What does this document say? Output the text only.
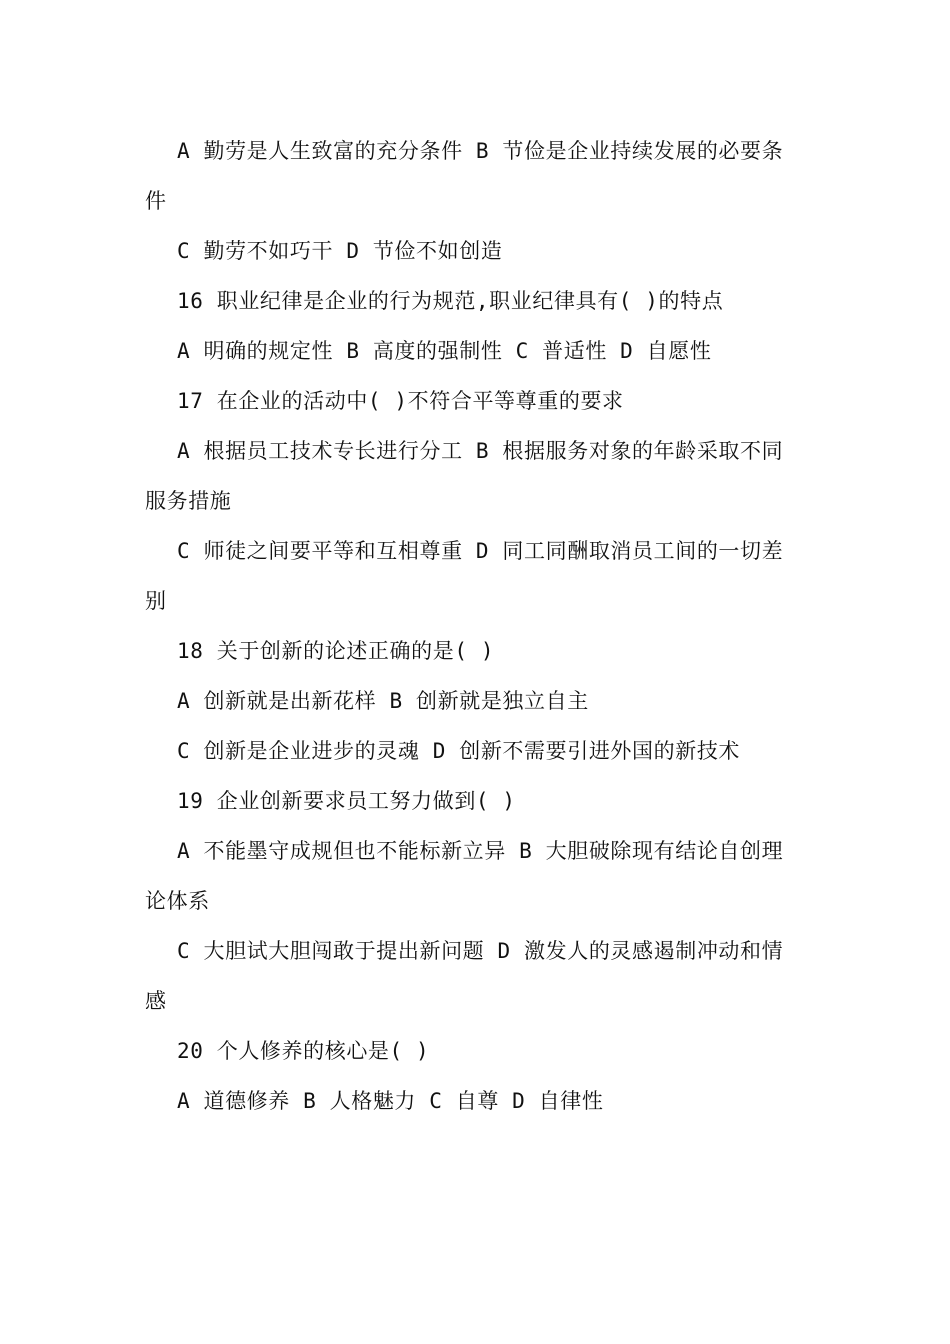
A 勤劳是人生致富的充分条件 B 节俭是企业持续发展的必要条件

C 勤劳不如巧干 D 节俭不如创造

16 职业纪律是企业的行为规范,职业纪律具有( )的特点

A 明确的规定性 B 高度的强制性 C 普适性 D 自愿性

17 在企业的活动中( )不符合平等尊重的要求

A 根据员工技术专长进行分工 B 根据服务对象的年龄采取不同服务措施

C 师徒之间要平等和互相尊重 D 同工同酬取消员工间的一切差别

18 关于创新的论述正确的是( )

A 创新就是出新花样 B 创新就是独立自主

C 创新是企业进步的灵魂 D 创新不需要引进外国的新技术

19 企业创新要求员工努力做到( )

A 不能墨守成规但也不能标新立异 B 大胆破除现有结论自创理论体系

C 大胆试大胆闯敢于提出新问题 D 激发人的灵感遏制冲动和情感

20 个人修养的核心是( )

A 道德修养 B 人格魅力 C 自尊 D 自律性
